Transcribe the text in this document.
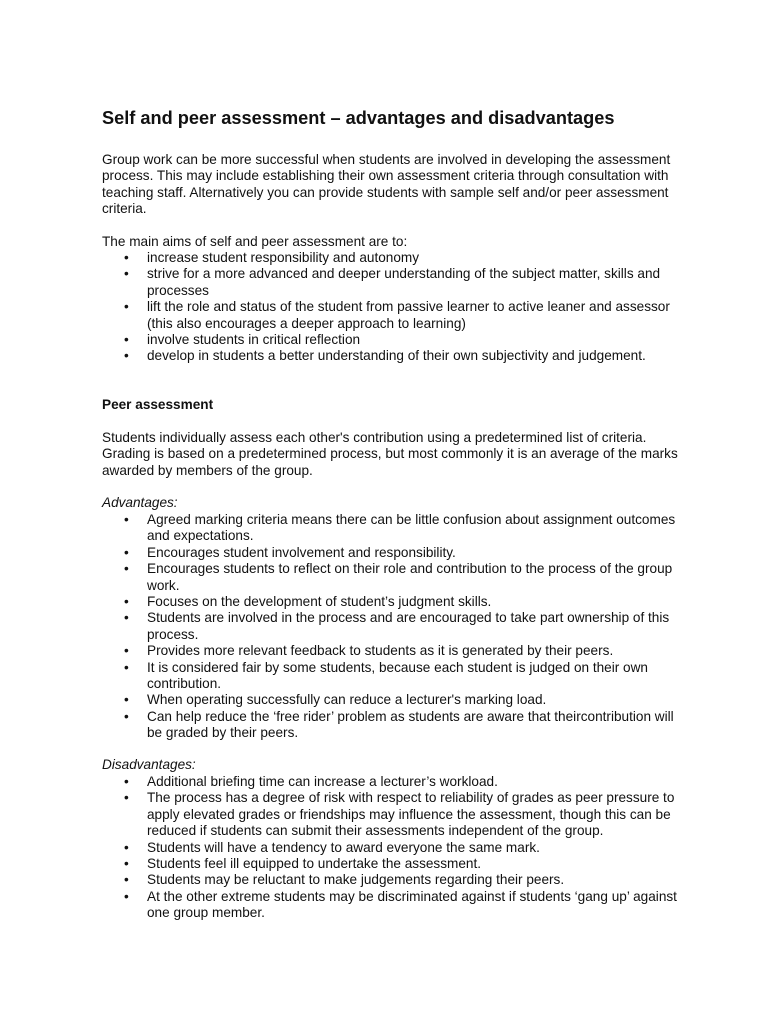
Self and peer assessment – advantages and disadvantages

Group work can be more successful when students are involved in developing the assessment
process. This may include establishing their own assessment criteria through consultation with
teaching staff. Alternatively you can provide students with sample self and/or peer assessment
criteria.

The main aims of self and peer assessment are to:

• increase student responsibility and autonomy
• strive for a more advanced and deeper understanding of the subject matter, skills and
processes
• lift the role and status of the student from passive learner to active leaner and assessor
(this also encourages a deeper approach to learning)
• involve students in critical reflection
• develop in students a better understanding of their own subjectivity and judgement.
Peer assessment

Students individually assess each other's contribution using a predetermined list of criteria.
Grading is based on a predetermined process, but most commonly it is an average of the marks
awarded by members of the group.

Advantages:

• Agreed marking criteria means there can be little confusion about assignment outcomes
and expectations.
• Encourages student involvement and responsibility.
• Encourages students to reflect on their role and contribution to the process of the group
work.
• Focuses on the development of student’s judgment skills.
• Students are involved in the process and are encouraged to take part ownership of this
process.
• Provides more relevant feedback to students as it is generated by their peers.
• It is considered fair by some students, because each student is judged on their own
contribution.
• When operating successfully can reduce a lecturer's marking load.
• Can help reduce the ‘free rider’ problem as students are aware that theircontribution will
be graded by their peers.

Disadvantages:

• Additional briefing time can increase a lecturer’s workload.
• The process has a degree of risk with respect to reliability of grades as peer pressure to
apply elevated grades or friendships may influence the assessment, though this can be
reduced if students can submit their assessments independent of the group.
• Students will have a tendency to award everyone the same mark.
• Students feel ill equipped to undertake the assessment.
• Students may be reluctant to make judgements regarding their peers.
• At the other extreme students may be discriminated against if students ‘gang up’ against
one group member.
